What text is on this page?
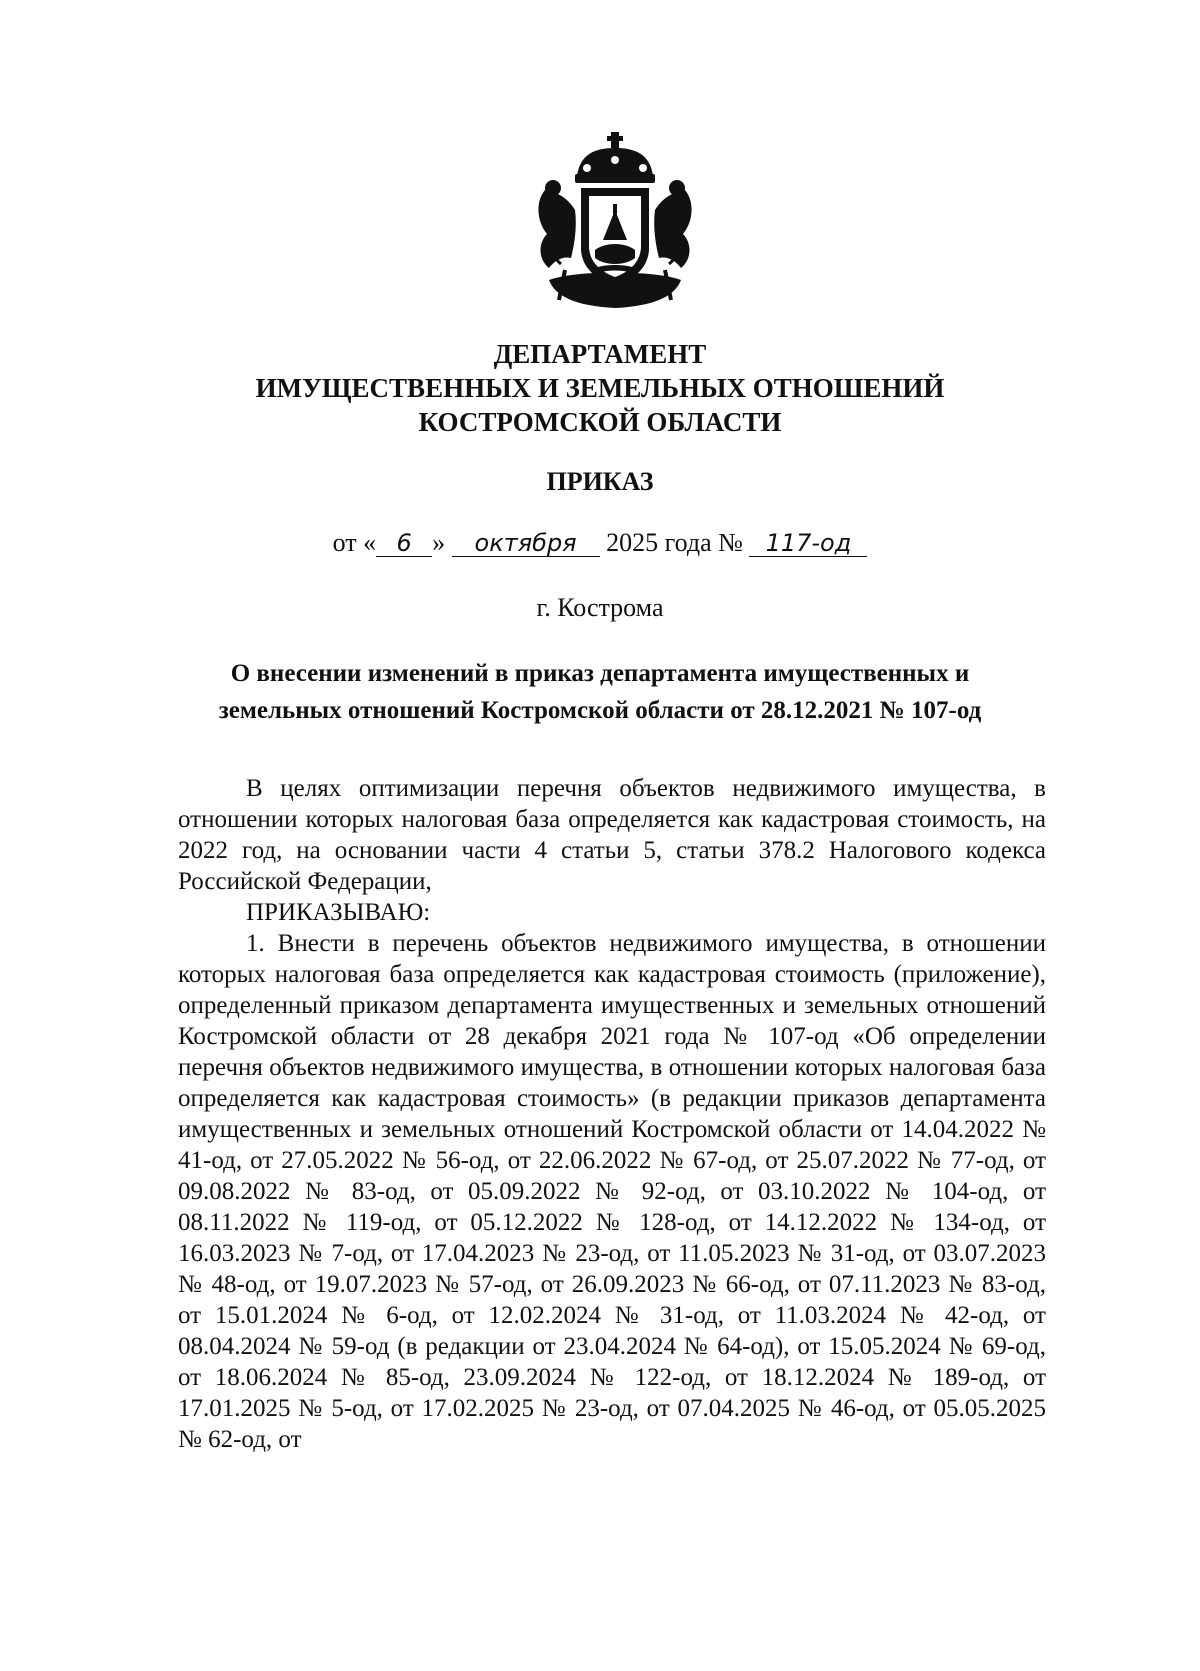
ДЕПАРТАМЕНТ
ИМУЩЕСТВЕННЫХ И ЗЕМЕЛЬНЫХ ОТНОШЕНИЙ
КОСТРОМСКОЙ ОБЛАСТИ
ПРИКАЗ
от « 6 » октября 2025 года № 117-од
г. Кострома
О внесении изменений в приказ департамента имущественных и
земельных отношений Костромской области от 28.12.2021 № 107-од

В целях оптимизации перечня объектов недвижимого имущества, в отношении которых налоговая база определяется как кадастровая стоимость, на 2022 год, на основании части 4 статьи 5, статьи 378.2 Налогового кодекса Российской Федерации,

ПРИКАЗЫВАЮ:

1. Внести в перечень объектов недвижимого имущества, в отношении которых налоговая база определяется как кадастровая стоимость (приложение), определенный приказом департамента имущественных и земельных отношений Костромской области от 28 декабря 2021 года № 107-од «Об определении перечня объектов недвижимого имущества, в отношении которых налоговая база определяется как кадастровая стоимость» (в редакции приказов департамента имущественных и земельных отношений Костромской области от 14.04.2022 № 41-од, от 27.05.2022 № 56-од, от 22.06.2022 № 67-од, от 25.07.2022 № 77-од, от 09.08.2022 № 83-од, от 05.09.2022 № 92-од, от 03.10.2022 № 104-од, от 08.11.2022 № 119-од, от 05.12.2022 № 128-од, от 14.12.2022 № 134-од, от 16.03.2023 № 7-од, от 17.04.2023 № 23-од, от 11.05.2023 № 31-од, от 03.07.2023 № 48-од, от 19.07.2023 № 57-од, от 26.09.2023 № 66-од, от 07.11.2023 № 83-од, от 15.01.2024 № 6-од, от 12.02.2024 № 31-од, от 11.03.2024 № 42-од, от 08.04.2024 № 59-од (в редакции от 23.04.2024 № 64-од), от 15.05.2024 № 69-од, от 18.06.2024 № 85-од, 23.09.2024 № 122-од, от 18.12.2024 № 189-од, от 17.01.2025 № 5-од, от 17.02.2025 № 23-од, от 07.04.2025 № 46-од, от 05.05.2025 № 62-од, от
